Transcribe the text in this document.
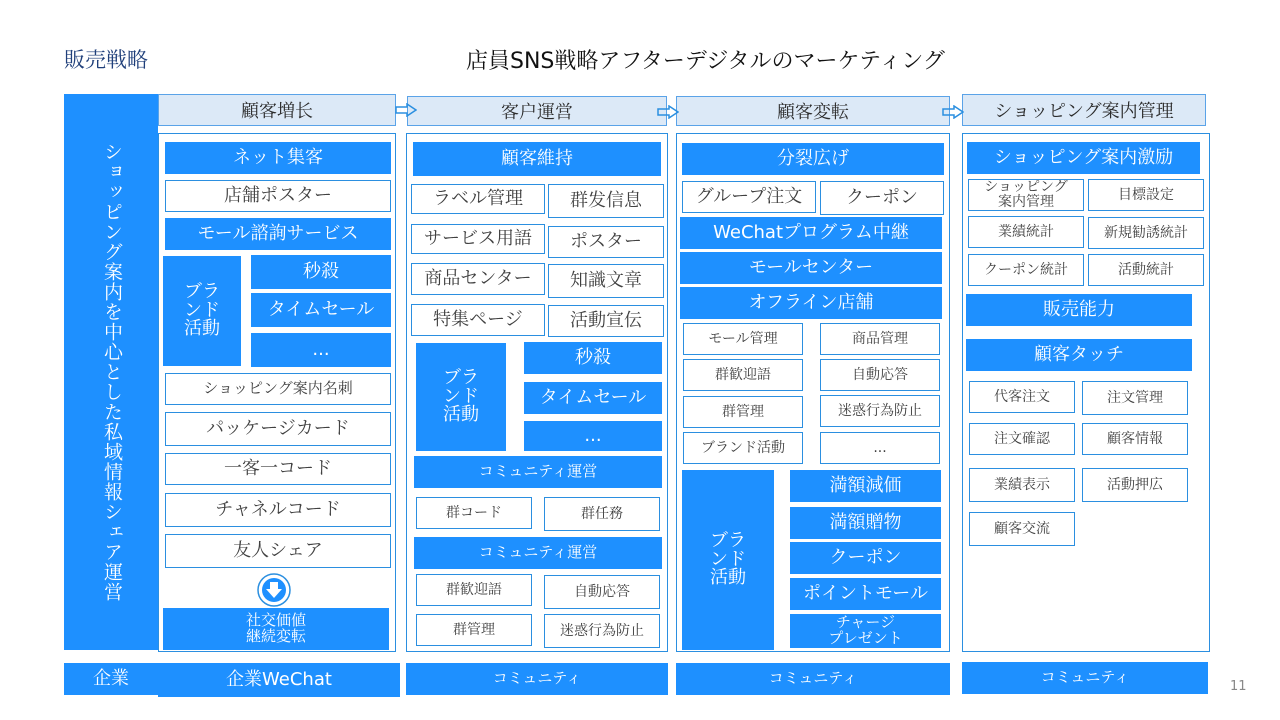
販売戦略	店員SNS戦略アフターデジタルのマーケティング
ショッピング案内を中心とした私域情報シェア運営
企業
顧客増长	客户運営	顧客変転	ショッピング案内管理
ネット集客
店舗ポスター
モール諮詢サービス
ブラ
ンド
活動
秒殺
タイムセール
...
ショッピング案内名刺
パッケージカード
一客一コード
チャネルコード
友人シェア
社交価値
継続変転
顧客維持
ラベル管理	群发信息
サービス用語	ポスター
商品センター	知識文章
特集ページ	活動宣伝
ブラ
ンド
活動
秒殺
タイムセール
...
コミュニティ運営
群コード	群任務
コミュニティ運営
群歓迎語	自動応答
群管理	迷惑行為防止
分裂広げ
グループ注文	クーポン
WeChatプログラム中継
モールセンター
オフライン店舗
モール管理	商品管理
群歓迎語	自動応答
群管理	迷惑行為防止
ブランド活動	...
ブラ
ンド
活動
満額減価
満額贈物
クーポン
ポイントモール
チャージ
プレゼント
ショッピング案内激励
ショッピング
案内管理	目標設定
業績統計	新規勧誘統計
クーポン統計	活動統計
販売能力
顧客タッチ
代客注文	注文管理
注文確認	顧客情報
業績表示	活動押広
顧客交流
企業WeChat	コミュニティ	コミュニティ	コミュニティ
11
